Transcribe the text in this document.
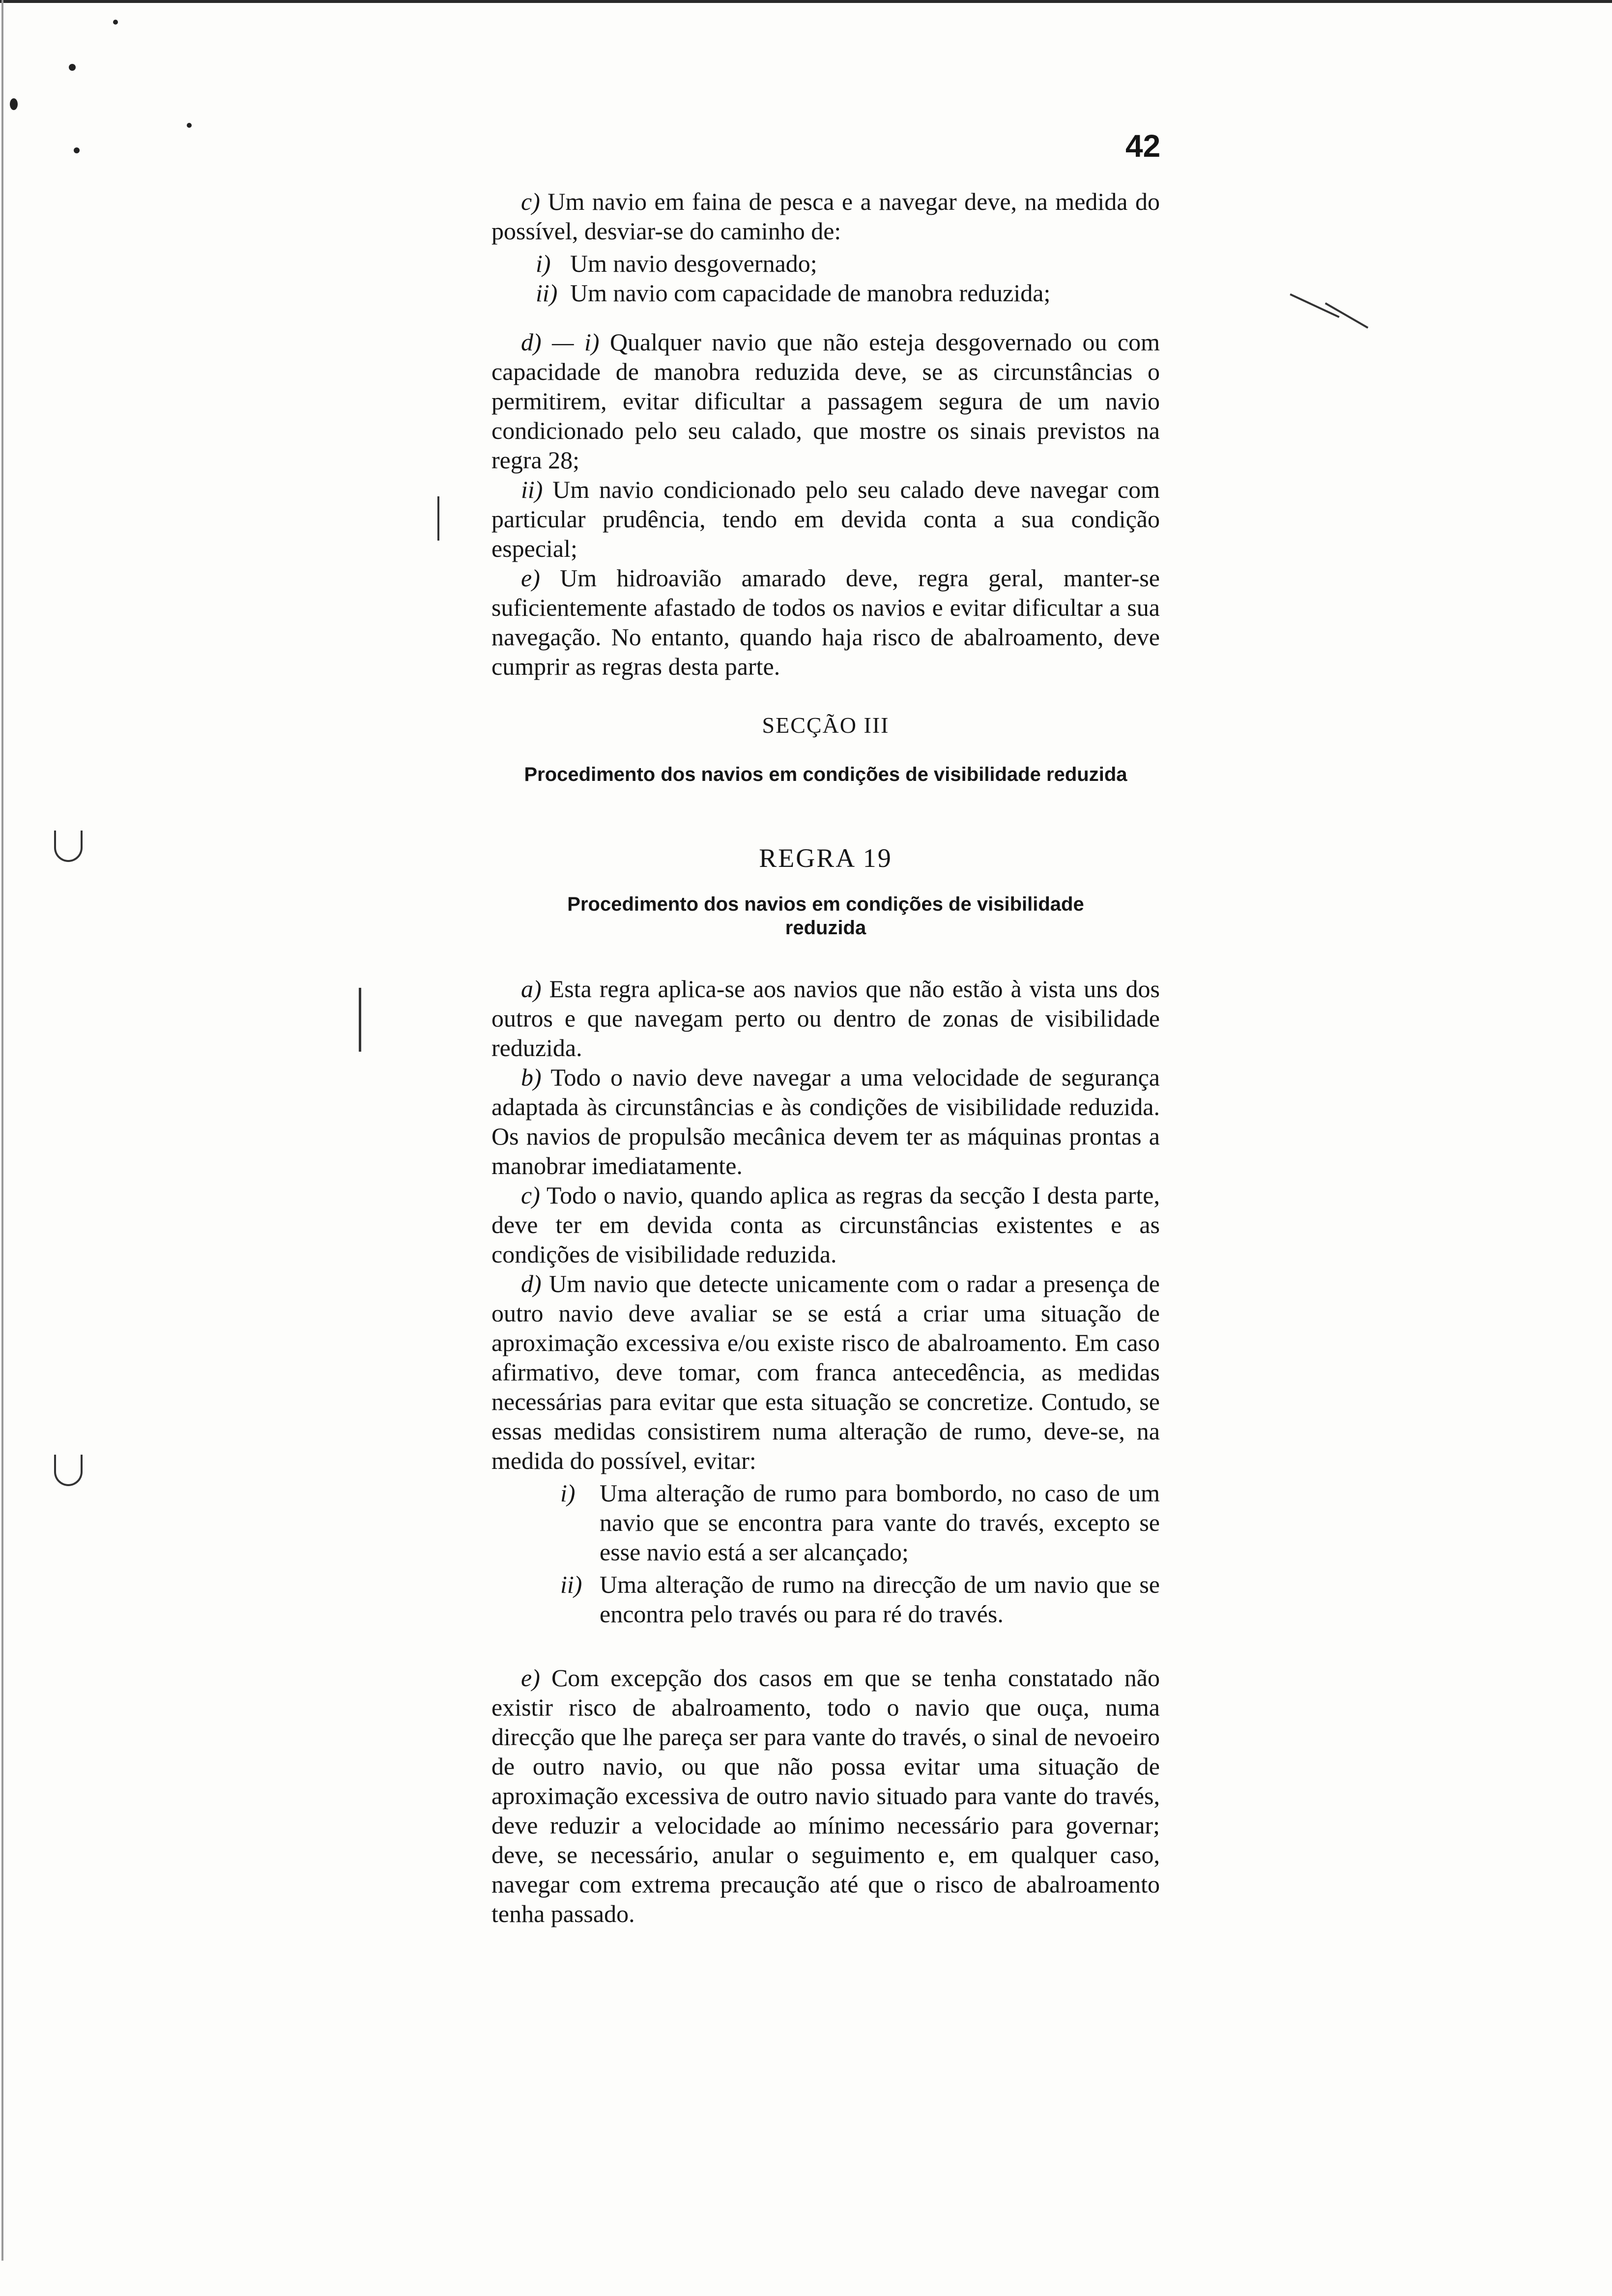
42

c) Um navio em faina de pesca e a navegar deve, na medida do possível, desviar-se do caminho de:

i) Um navio desgovernado;
ii) Um navio com capacidade de manobra reduzida;

d) — i) Qualquer navio que não esteja desgovernado ou com capacidade de manobra reduzida deve, se as circunstâncias o permitirem, evitar dificultar a passagem segura de um navio condicionado pelo seu calado, que mostre os sinais previstos na regra 28;

ii) Um navio condicionado pelo seu calado deve navegar com particular prudência, tendo em devida conta a sua condição especial;

e) Um hidroavião amarado deve, regra geral, manter-se suficientemente afastado de todos os navios e evitar dificultar a sua navegação. No entanto, quando haja risco de abalroamento, deve cumprir as regras desta parte.

SECÇÃO III
Procedimento dos navios em condições de visibilidade reduzida
REGRA 19
Procedimento dos navios em condições de visibilidade reduzida

a) Esta regra aplica-se aos navios que não estão à vista uns dos outros e que navegam perto ou dentro de zonas de visibilidade reduzida.

b) Todo o navio deve navegar a uma velocidade de segurança adaptada às circunstâncias e às condições de visibilidade reduzida. Os navios de propulsão mecânica devem ter as máquinas prontas a manobrar imediatamente.

c) Todo o navio, quando aplica as regras da secção I desta parte, deve ter em devida conta as circunstâncias existentes e as condições de visibilidade reduzida.

d) Um navio que detecte unicamente com o radar a presença de outro navio deve avaliar se se está a criar uma situação de aproximação excessiva e/ou existe risco de abalroamento. Em caso afirmativo, deve tomar, com franca antecedência, as medidas necessárias para evitar que esta situação se concretize. Contudo, se essas medidas consistirem numa alteração de rumo, deve-se, na medida do possível, evitar:

i) Uma alteração de rumo para bombordo, no caso de um navio que se encontra para vante do través, excepto se esse navio está a ser alcançado;
ii) Uma alteração de rumo na direcção de um navio que se encontra pelo través ou para ré do través.

e) Com excepção dos casos em que se tenha constatado não existir risco de abalroamento, todo o navio que ouça, numa direcção que lhe pareça ser para vante do través, o sinal de nevoeiro de outro navio, ou que não possa evitar uma situação de aproximação excessiva de outro navio situado para vante do través, deve reduzir a velocidade ao mínimo necessário para governar; deve, se necessário, anular o seguimento e, em qualquer caso, navegar com extrema precaução até que o risco de abalroamento tenha passado.
